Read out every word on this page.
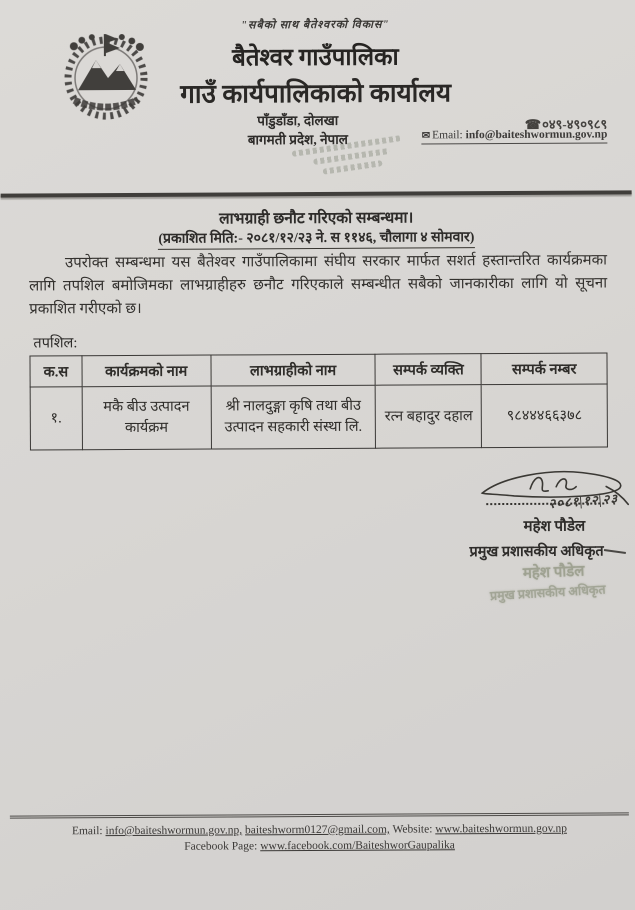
"सबैको साथ बैतेश्वरको विकास"
बैतेश्वर गाउँपालिका
गाउँ कार्यपालिकाको कार्यालय
पाँडुडाँडा, दोलखा
बागमती प्रदेश, नेपाल
☎०४९-४९०९८९
✉ Email: info@baiteshwormun.gov.np
लाभग्राही छनौट गरिएको सम्बन्धमा।
(प्रकाशित मिति:- २०८१/१२/२३ ने. स ११४६, चौलागा ४ सोमवार)
उपरोक्त सम्बन्धमा यस बैतेश्वर गाउँपालिकामा संघीय सरकार मार्फत सशर्त हस्तान्तरित कार्यक्रमका लागि तपशिल बमोजिमका लाभग्राहीहरु छनौट गरिएकाले सम्बन्धीत सबैको जानकारीका लागि यो सूचना प्रकाशित गरीएको छ।
तपशिल:
क.स	कार्यक्रमको नाम	लाभग्राहीको नाम	सम्पर्क व्यक्ति	सम्पर्क नम्बर
१.	मकै बीउ उत्पादन कार्यक्रम	श्री नालदुङ्गा कृषि तथा बीउ उत्पादन सहकारी संस्था लि.	रत्न बहादुर दहाल	९८४४४६६३७८
२०८१|१२|२३
महेश पौडेल
प्रमुख प्रशासकीय अधिकृत
महेश पौडेल
प्रमुख प्रशासकीय अधिकृत
Email: info@baiteshwormun.gov.np, baiteshworm0127@gmail.com, Website: www.baiteshwormun.gov.np
Facebook Page: www.facebook.com/BaiteshworGaupalika
